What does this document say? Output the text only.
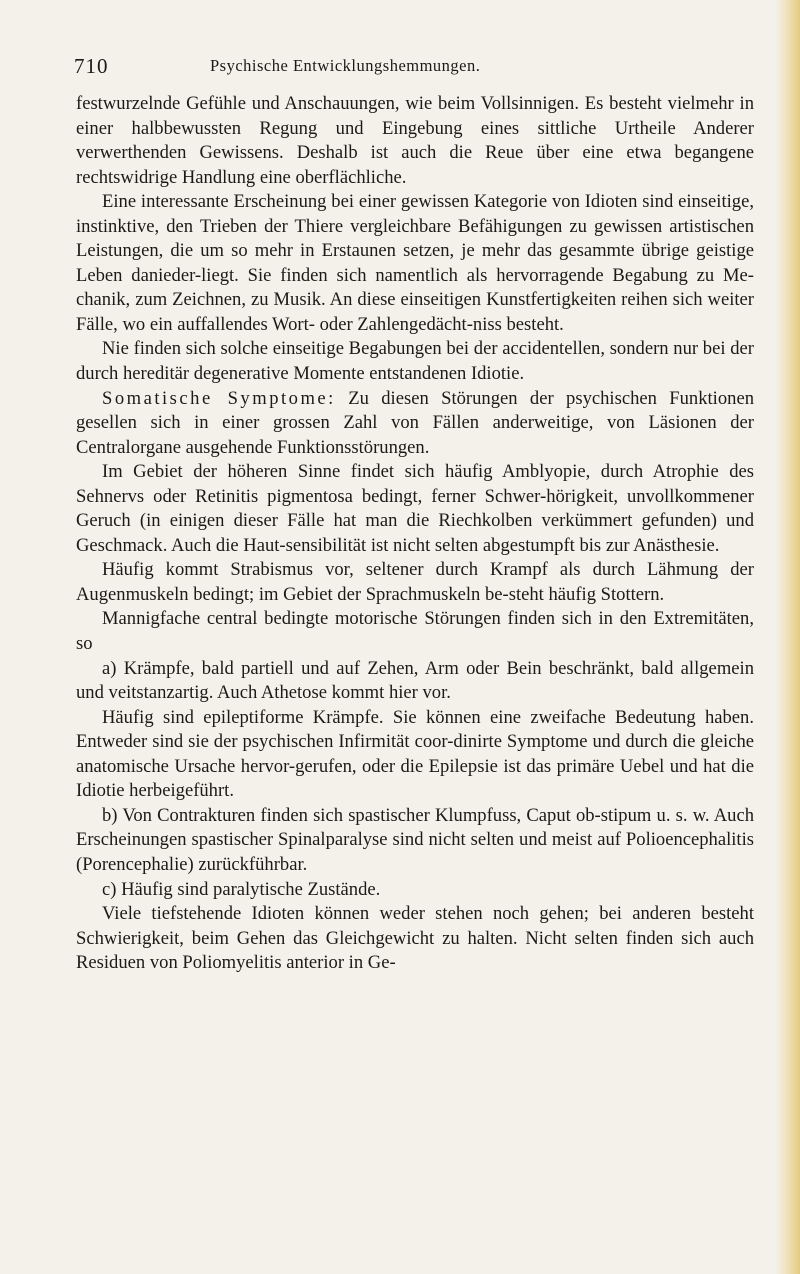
710	Psychische Entwicklungshemmungen.

festwurzelnde Gefühle und Anschauungen, wie beim Vollsinnigen. Es besteht vielmehr in einer halbbewussten Regung und Eingebung eines sittliche Urtheile Anderer verwerthenden Gewissens. Deshalb ist auch die Reue über eine etwa begangene rechtswidrige Handlung eine oberflächliche.

Eine interessante Erscheinung bei einer gewissen Kategorie von Idioten sind einseitige, instinktive, den Trieben der Thiere vergleichbare Befähigungen zu gewissen artistischen Leistungen, die um so mehr in Erstaunen setzen, je mehr das gesammte übrige geistige Leben danieder-liegt. Sie finden sich namentlich als hervorragende Begabung zu Me-chanik, zum Zeichnen, zu Musik. An diese einseitigen Kunstfertigkeiten reihen sich weiter Fälle, wo ein auffallendes Wort- oder Zahlengedächt-niss besteht.

Nie finden sich solche einseitige Begabungen bei der accidentellen, sondern nur bei der durch hereditär degenerative Momente entstandenen Idiotie.

Somatische Symptome: Zu diesen Störungen der psychischen Funktionen gesellen sich in einer grossen Zahl von Fällen anderweitige, von Läsionen der Centralorgane ausgehende Funktionsstörungen.

Im Gebiet der höheren Sinne findet sich häufig Amblyopie, durch Atrophie des Sehnervs oder Retinitis pigmentosa bedingt, ferner Schwer-hörigkeit, unvollkommener Geruch (in einigen dieser Fälle hat man die Riechkolben verkümmert gefunden) und Geschmack. Auch die Haut-sensibilität ist nicht selten abgestumpft bis zur Anästhesie.

Häufig kommt Strabismus vor, seltener durch Krampf als durch Lähmung der Augenmuskeln bedingt; im Gebiet der Sprachmuskeln be-steht häufig Stottern.

Mannigfache central bedingte motorische Störungen finden sich in den Extremitäten, so

a) Krämpfe, bald partiell und auf Zehen, Arm oder Bein beschränkt, bald allgemein und veitstanzartig. Auch Athetose kommt hier vor.

Häufig sind epileptiforme Krämpfe. Sie können eine zweifache Bedeutung haben. Entweder sind sie der psychischen Infirmität coor-dinirte Symptome und durch die gleiche anatomische Ursache hervor-gerufen, oder die Epilepsie ist das primäre Uebel und hat die Idiotie herbeigeführt.

b) Von Contrakturen finden sich spastischer Klumpfuss, Caput ob-stipum u. s. w. Auch Erscheinungen spastischer Spinalparalyse sind nicht selten und meist auf Polioencephalitis (Porencephalie) zurückführbar.

c) Häufig sind paralytische Zustände.

Viele tiefstehende Idioten können weder stehen noch gehen; bei anderen besteht Schwierigkeit, beim Gehen das Gleichgewicht zu halten. Nicht selten finden sich auch Residuen von Poliomyelitis anterior in Ge-
